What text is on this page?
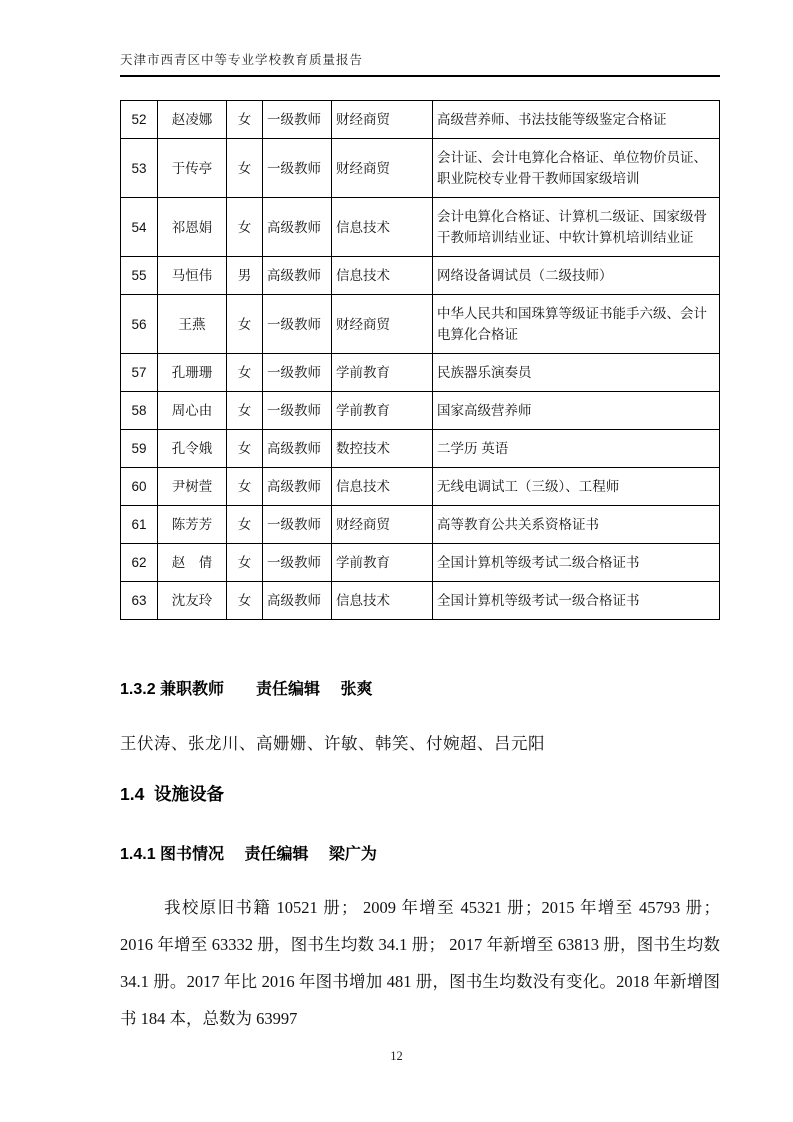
天津市西青区中等专业学校教育质量报告
52	赵凌娜	女	一级教师	财经商贸	高级营养师、书法技能等级鉴定合格证
53	于传亭	女	一级教师	财经商贸	会计证、会计电算化合格证、单位物价员证、职业院校专业骨干教师国家级培训
54	祁恩娟	女	高级教师	信息技术	会计电算化合格证、计算机二级证、国家级骨干教师培训结业证、中软计算机培训结业证
55	马恒伟	男	高级教师	信息技术	网络设备调试员（二级技师）
56	王燕	女	一级教师	财经商贸	中华人民共和国珠算等级证书能手六级、会计电算化合格证
57	孔珊珊	女	一级教师	学前教育	民族器乐演奏员
58	周心由	女	一级教师	学前教育	国家高级营养师
59	孔令娥	女	高级教师	数控技术	二学历 英语
60	尹树萱	女	高级教师	信息技术	无线电调试工（三级）、工程师
61	陈芳芳	女	一级教师	财经商贸	高等教育公共关系资格证书
62	赵　倩	女	一级教师	学前教育	全国计算机等级考试二级合格证书
63	沈友玲	女	高级教师	信息技术	全国计算机等级考试一级合格证书
1.3.2 兼职教师　　责任编辑　 张爽
王伏涛、张龙川、高姗姗、许敏、韩笑、付婉超、吕元阳
1.4  设施设备
1.4.1 图书情况　 责任编辑　 梁广为

我校原旧书籍 10521 册； 2009 年增至 45321 册；2015 年增至 45793 册； 2016 年增至 63332 册，图书生均数 34.1 册； 2017 年新增至 63813 册，图书生均数 34.1 册。2017 年比 2016 年图书增加 481 册，图书生均数没有变化。2018 年新增图书 184 本，总数为 63997

12
